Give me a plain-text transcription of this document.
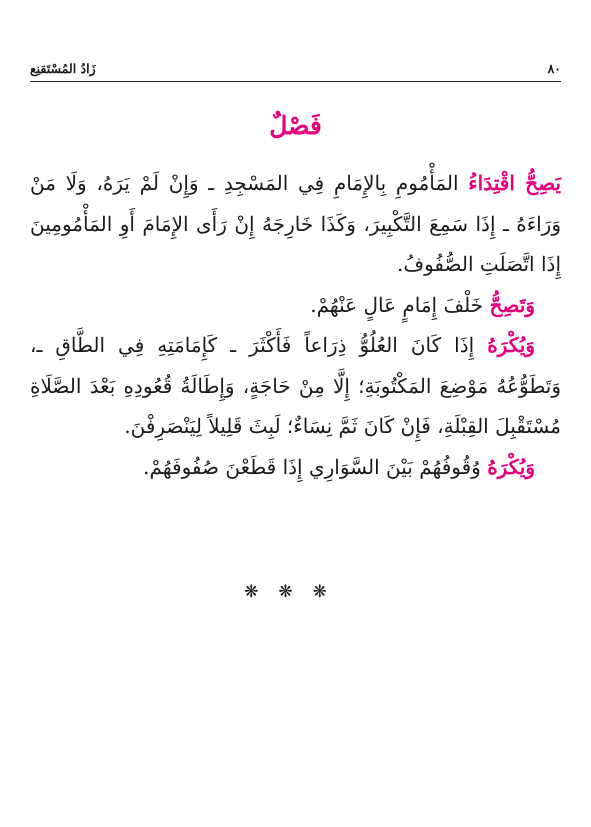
٨٠
زَادُ المُسْتَقنِع
فَصْلٌ

يَصِحُّ اقْتِدَاءُ المَأْمُومِ بِالإِمَامِ فِي المَسْجِدِ ـ وَإِنْ لَمْ يَرَهُ، وَلَا مَنْ وَرَاءَهُ ـ إِذَا سَمِعَ التَّكْبِيرَ، وَكَذَا خَارِجَهُ إِنْ رَأَى الإِمَامَ أَوِ المَأْمُومِينَ إِذَا اتَّصَلَتِ الصُّفُوفُ.

وَتَصِحُّ خَلْفَ إِمَامٍ عَالٍ عَنْهُمْ.

وَيُكْرَهُ إِذَا كَانَ العُلُوُّ ذِرَاعاً فَأَكْثَرَ ـ كَإِمَامَتِهِ فِي الطَّاقِ ـ، وَتَطَوُّعُهُ مَوْضِعَ المَكْتُوبَةِ؛ إِلَّا مِنْ حَاجَةٍ، وَإِطَالَةُ قُعُودِهِ بَعْدَ الصَّلَاةِ مُسْتَقْبِلَ القِبْلَةِ، فَإِنْ كَانَ ثَمَّ نِسَاءٌ؛ لَبِثَ قَلِيلاً لِيَنْصَرِفْنَ.

وَيُكْرَهُ وُقُوفُهُمْ بَيْنَ السَّوَارِي إِذَا قَطَعْنَ صُفُوفَهُمْ.

❋❋❋
